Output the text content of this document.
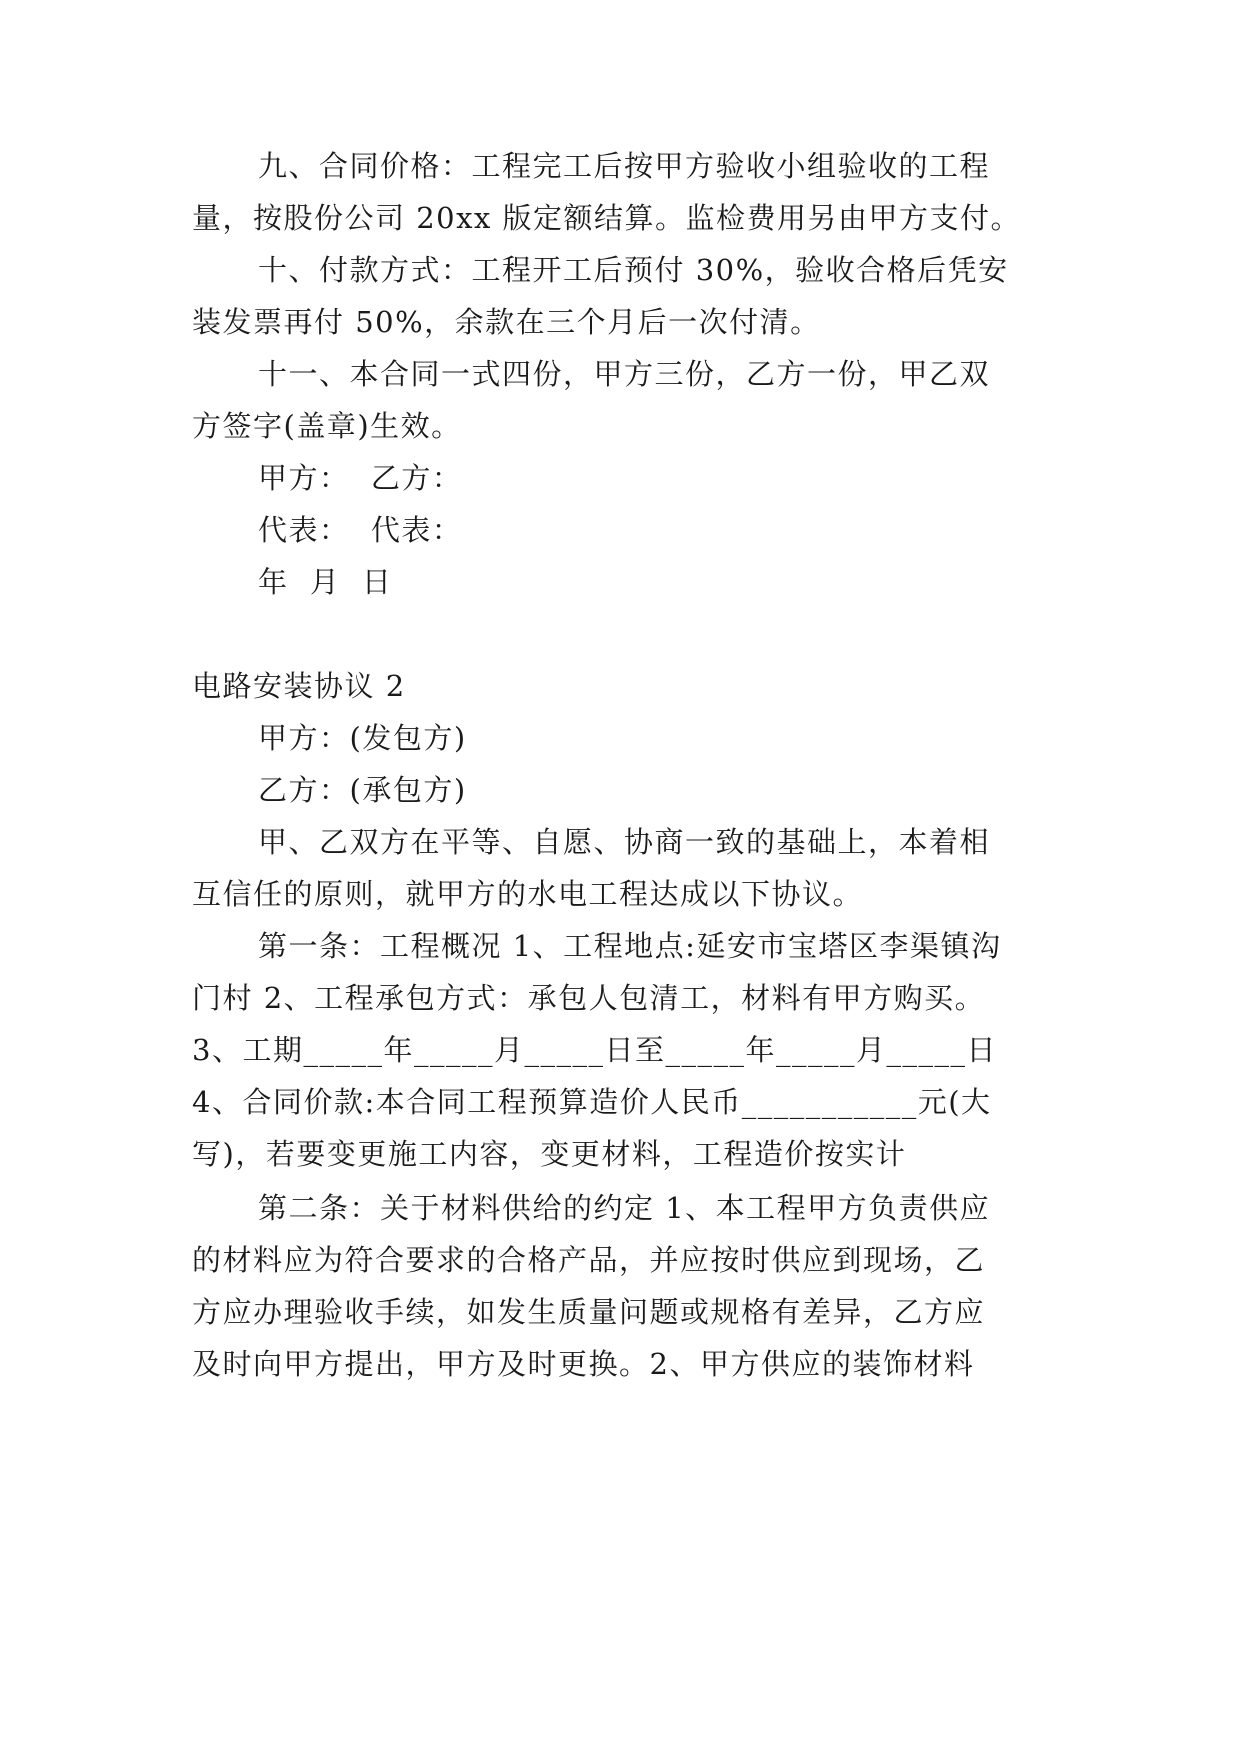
九、合同价格：工程完工后按甲方验收小组验收的工程
量，按股份公司 20xx 版定额结算。监检费用另由甲方支付。
十、付款方式：工程开工后预付 30%，验收合格后凭安
装发票再付 50%，余款在三个月后一次付清。
十一、本合同一式四份，甲方三份，乙方一份，甲乙双
方签字(盖章)生效。
甲方：  乙方：
代表：  代表：
年  月  日
电路安装协议 2
甲方：(发包方)
乙方：(承包方)
甲、乙双方在平等、自愿、协商一致的基础上，本着相
互信任的原则，就甲方的水电工程达成以下协议。
第一条：工程概况 1、工程地点:延安市宝塔区李渠镇沟
门村 2、工程承包方式：承包人包清工，材料有甲方购买。
3、工期_____年_____月_____日至_____年_____月_____日
4、合同价款:本合同工程预算造价人民币___________元(大
写)，若要变更施工内容，变更材料，工程造价按实计
第二条：关于材料供给的约定 1、本工程甲方负责供应
的材料应为符合要求的合格产品，并应按时供应到现场，乙
方应办理验收手续，如发生质量问题或规格有差异，乙方应
及时向甲方提出，甲方及时更换。2、甲方供应的装饰材料
